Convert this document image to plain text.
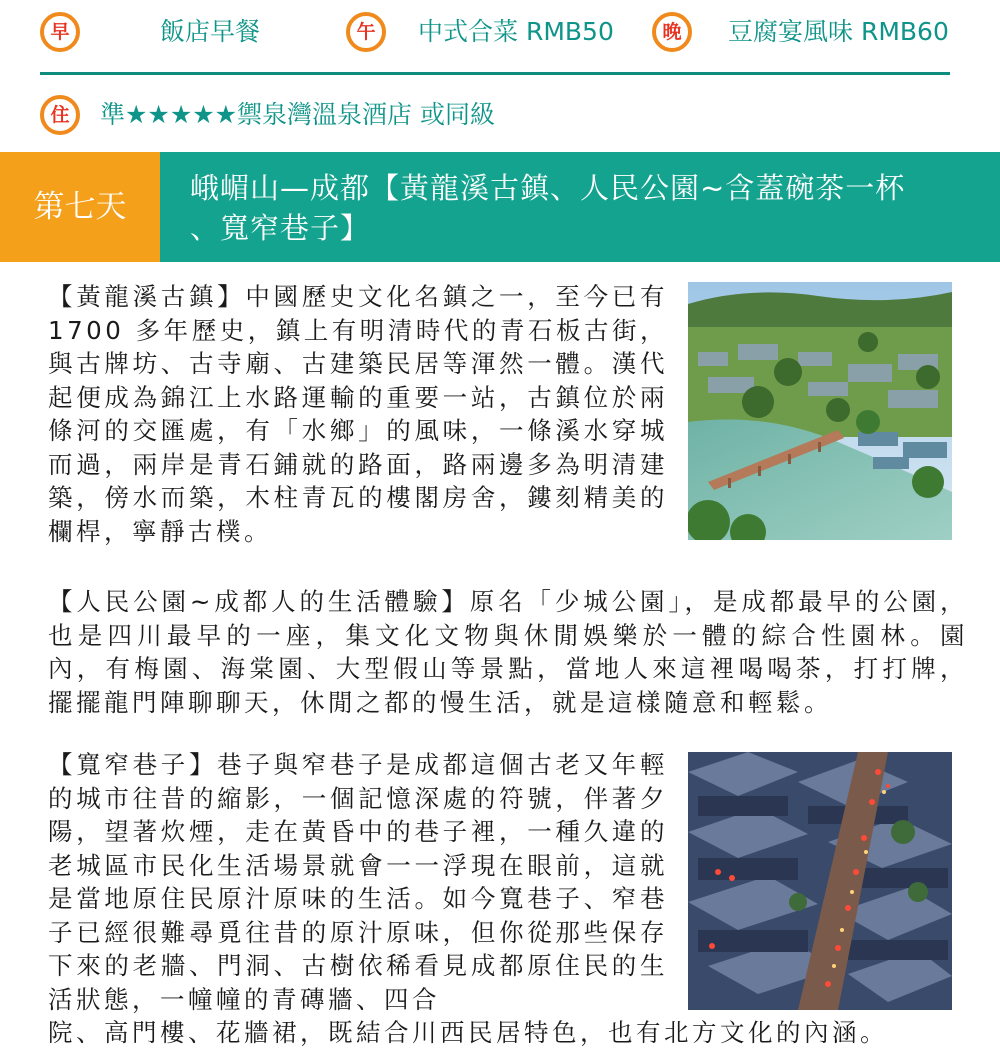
早	飯店早餐	午	中式合菜 RMB50	晚	豆腐宴風味 RMB60
住	準★★★★★禦泉灣溫泉酒店 或同級
第七天
峨嵋山—成都【黃龍溪古鎮、人民公園~含蓋碗茶一杯
、寬窄巷子】
【黃龍溪古鎮】中國歷史文化名鎮之一，至今已有 1700 多年歷史，鎮上有明清時代的青石板古街，與古牌坊、古寺廟、古建築民居等渾然一體。漢代起便成為錦江上水路運輸的重要一站，古鎮位於兩條河的交匯處，有「水鄉」的風味，一條溪水穿城而過，兩岸是青石鋪就的路面，路兩邊多為明清建築，傍水而築，木柱青瓦的樓閣房舍，鏤刻精美的欄桿，寧靜古樸。
【人民公園~成都人的生活體驗】原名「少城公園」，是成都最早的公園，也是四川最早的一座，集文化文物與休閒娛樂於一體的綜合性園林。園內，有梅園、海棠園、大型假山等景點，當地人來這裡喝喝茶，打打牌，擺擺龍門陣聊聊天，休閒之都的慢生活，就是這樣隨意和輕鬆。
【寬窄巷子】巷子與窄巷子是成都這個古老又年輕的城市往昔的縮影，一個記憶深處的符號，伴著夕陽，望著炊煙，走在黃昏中的巷子裡，一種久違的老城區市民化生活場景就會一一浮現在眼前，這就是當地原住民原汁原味的生活。如今寬巷子、窄巷子已經很難尋覓往昔的原汁原味，但你從那些保存下來的老牆、門洞、古樹依稀看見成都原住民的生活狀態，一幢幢的青磚牆、四合
院、高門樓、花牆裙，既結合川西民居特色，也有北方文化的內涵。
